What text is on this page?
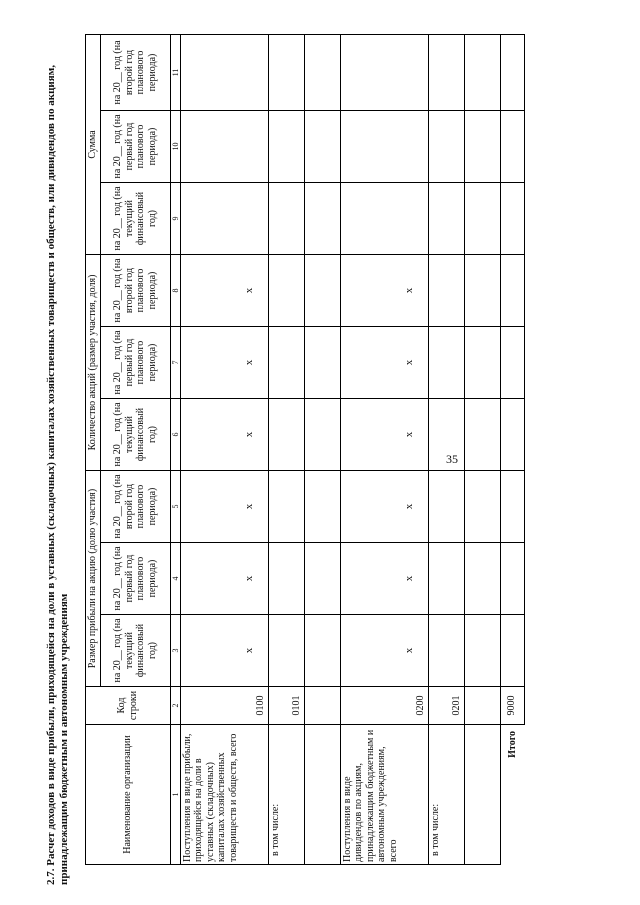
35
2.7. Расчет доходов в виде прибыли, приходящейся на доли в уставных (складочных) капиталах хозяйственных товариществ и обществ, или дивидендов по акциям, принадлежащим бюджетным и автономным учреждениям	Наименование организации	Код строки	Размер прибыли на акцию (долю участия)			Количество акций (размер участия, доля)			Сумма		
		на 20__ год (на текущий финансовый год)	на 20__ год (на первый год планового периода)	на 20__ год (на второй год планового периода)	на 20__ год (на текущий финансовый год)	на 20__ год (на первый год планового периода)	на 20__ год (на второй год планового периода)	на 20__ год (на текущий финансовый год)	на 20__ год (на первый год планового периода)	на 20__ год (на второй год планового периода)
1	2	3	4	5	6	7	8	9	10	11
Поступления в виде прибыли, приходящейся на доли в уставных (складочных) капиталах хозяйственных товариществ и обществ, всего	0100	x	x	x	x	x	x			
в том числе:	0101									

Поступления в виде дивидендов по акциям, принадлежащим бюджетным и автономным учреждениям, всего	0200	x	x	x	x	x	x			
в том числе:	0201									

Итого	9000									
